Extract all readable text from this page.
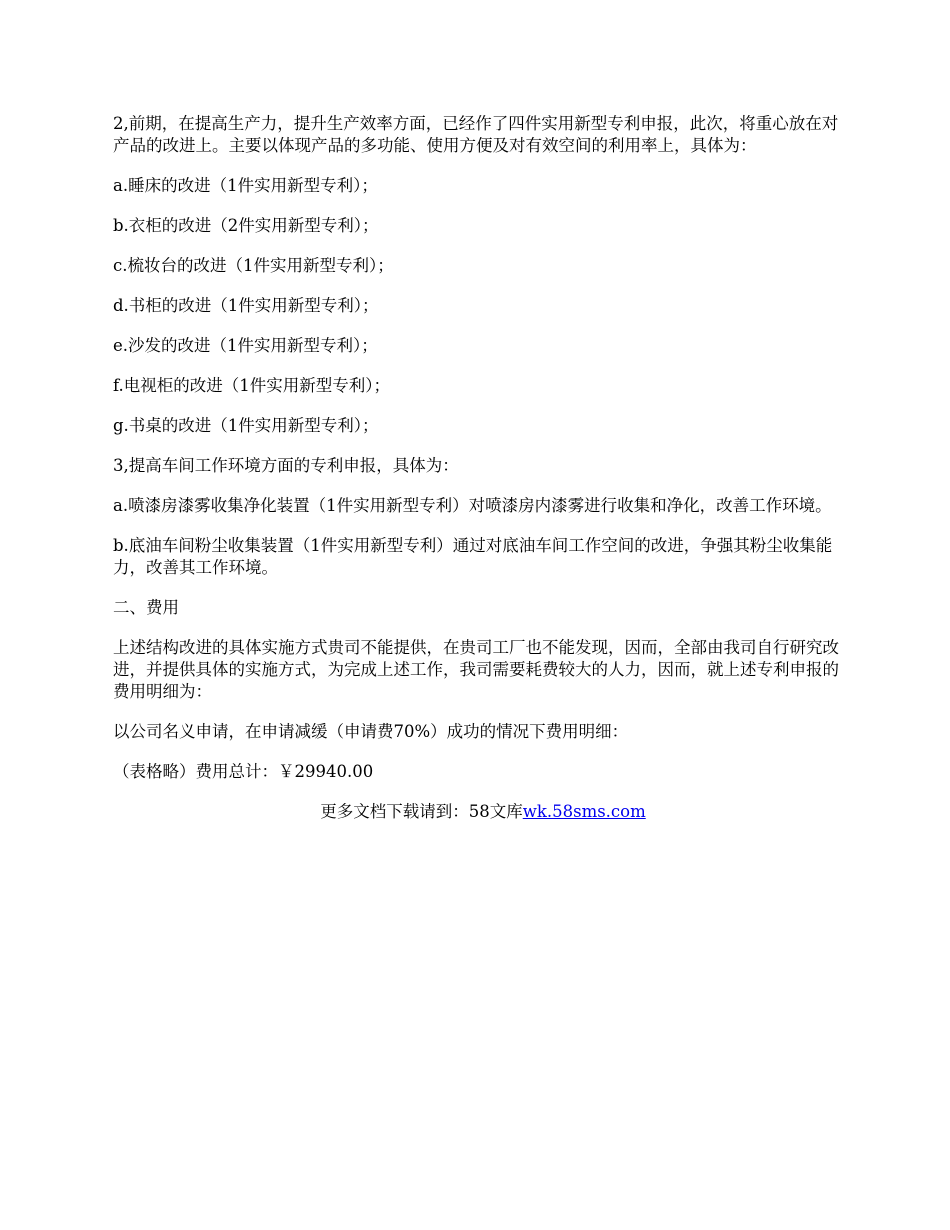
2,前期，在提高生产力，提升生产效率方面，已经作了四件实用新型专利申报，此次，将重心放在对产品的改进上。主要以体现产品的多功能、使用方便及对有效空间的利用率上，具体为：

a.睡床的改进（1件实用新型专利）；

b.衣柜的改进（2件实用新型专利）；

c.梳妆台的改进（1件实用新型专利）；

d.书柜的改进（1件实用新型专利）；

e.沙发的改进（1件实用新型专利）；

f.电视柜的改进（1件实用新型专利）；

g.书桌的改进（1件实用新型专利）；

3,提高车间工作环境方面的专利申报，具体为：

a.喷漆房漆雾收集净化装置（1件实用新型专利）对喷漆房内漆雾进行收集和净化，改善工作环境。

b.底油车间粉尘收集装置（1件实用新型专利）通过对底油车间工作空间的改进，争强其粉尘收集能力，改善其工作环境。

二、费用

上述结构改进的具体实施方式贵司不能提供，在贵司工厂也不能发现，因而，全部由我司自行研究改进，并提供具体的实施方式，为完成上述工作，我司需要耗费较大的人力，因而，就上述专利申报的费用明细为：

以公司名义申请，在申请减缓（申请费70%）成功的情况下费用明细：

（表格略）费用总计：￥29940.00

更多文档下载请到：58文库wk.58sms.com
